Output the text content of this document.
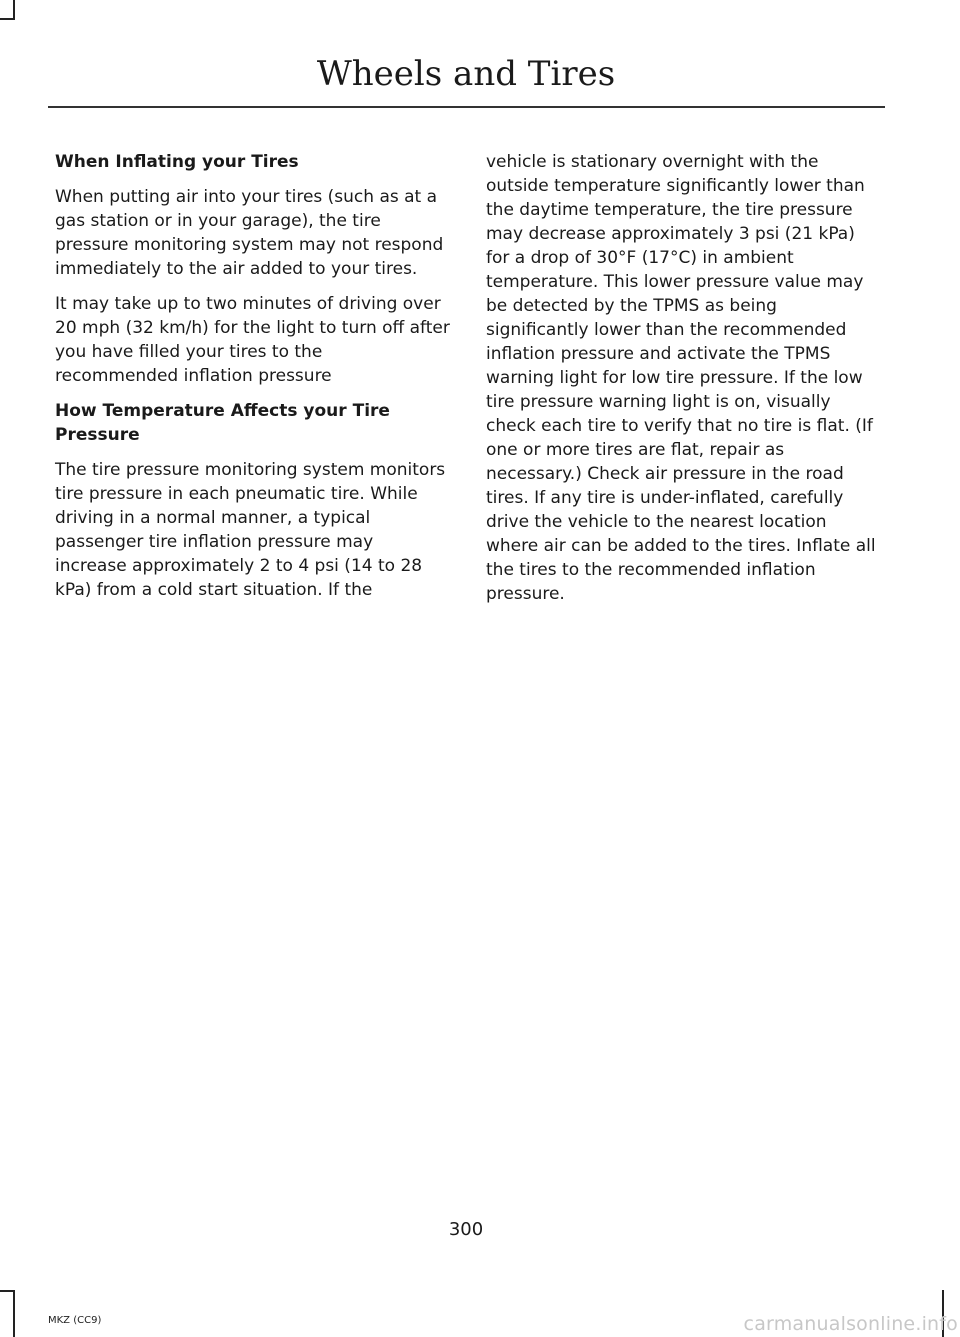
Wheels and Tires
When Inflating your Tires

When putting air into your tires (such as at a gas station or in your garage), the tire pressure monitoring system may not respond immediately to the air added to your tires.

It may take up to two minutes of driving over 20 mph (32 km/h) for the light to turn off after you have filled your tires to the recommended inflation pressure

How Temperature Affects your Tire Pressure

The tire pressure monitoring system monitors tire pressure in each pneumatic tire. While driving in a normal manner, a typical passenger tire inflation pressure may increase approximately 2 to 4 psi (14 to 28 kPa) from a cold start situation. If the

vehicle is stationary overnight with the outside temperature significantly lower than the daytime temperature, the tire pressure may decrease approximately 3 psi (21 kPa) for a drop of 30°F (17°C) in ambient temperature. This lower pressure value may be detected by the TPMS as being significantly lower than the recommended inflation pressure and activate the TPMS warning light for low tire pressure. If the low tire pressure warning light is on, visually check each tire to verify that no tire is flat. (If one or more tires are flat, repair as necessary.) Check air pressure in the road tires. If any tire is under-inflated, carefully drive the vehicle to the nearest location where air can be added to the tires. Inflate all the tires to the recommended inflation pressure.

300
MKZ (CC9)	carmanualsonline.info
